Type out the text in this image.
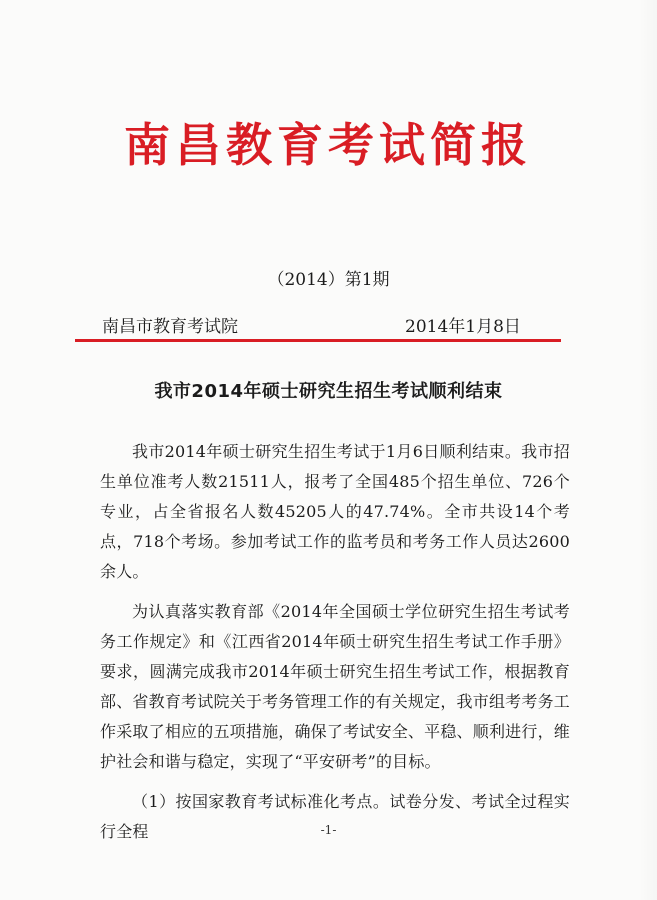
南昌教育考试简报
（2014）第1期
南昌市教育考试院	2014年1月8日
我市2014年硕士研究生招生考试顺利结束

我市2014年硕士研究生招生考试于1月6日顺利结束。我市招生单位准考人数21511人，报考了全国485个招生单位、726个专业，占全省报名人数45205人的47.74%。全市共设14个考点，718个考场。参加考试工作的监考员和考务工作人员达2600余人。

为认真落实教育部《2014年全国硕士学位研究生招生考试考务工作规定》和《江西省2014年硕士研究生招生考试工作手册》要求，圆满完成我市2014年硕士研究生招生考试工作，根据教育部、省教育考试院关于考务管理工作的有关规定，我市组考考务工作采取了相应的五项措施，确保了考试安全、平稳、顺利进行，维护社会和谐与稳定，实现了“平安研考”的目标。

（1）按国家教育考试标准化考点。试卷分发、考试全过程实行全程	-1-
